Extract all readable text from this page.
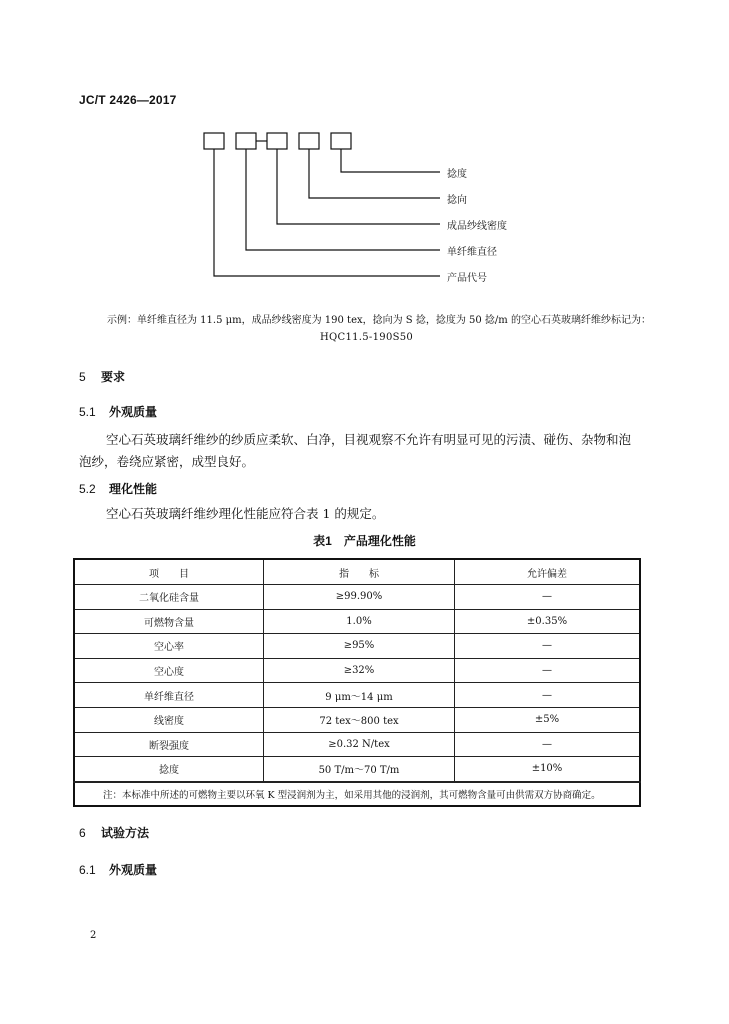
JC/T 2426—2017
捻度
捻向
成品纱线密度
单纤维直径
产品代号
示例：单纤维直径为 11.5 μm，成品纱线密度为 190 tex，捻向为 S 捻，捻度为 50 捻/m 的空心石英玻璃纤维纱标记为：
HQC11.5-190S50
5 要求
5.1 外观质量
空心石英玻璃纤维纱的纱质应柔软、白净，目视观察不允许有明显可见的污渍、碰伤、杂物和泡泡纱，卷绕应紧密，成型良好。
5.2 理化性能
空心石英玻璃纤维纱理化性能应符合表 1 的规定。
表1　产品理化性能
项　　目	指　　标	允许偏差
二氧化硅含量	≥99.90%	—
可燃物含量	1.0%	±0.35%
空心率	≥95%	—
空心度	≥32%	—
单纤维直径	9 μm～14 μm	—
线密度	72 tex～800 tex	±5%
断裂强度	≥0.32 N/tex	—
捻度	50 T/m～70 T/m	±10%
注：本标准中所述的可燃物主要以环氧 K 型浸润剂为主，如采用其他的浸润剂，其可燃物含量可由供需双方协商确定。		
6 试验方法
6.1 外观质量
2
